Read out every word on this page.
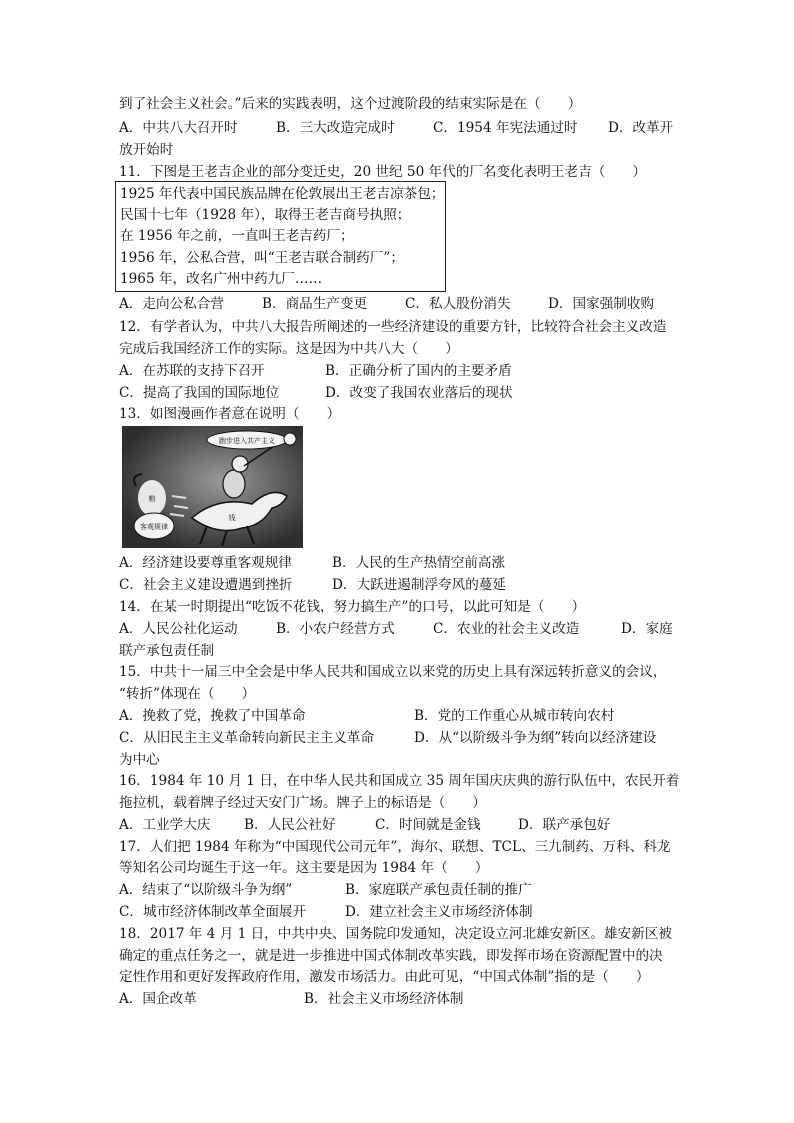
到了社会主义社会。”后来的实践表明，这个过渡阶段的结束实际是在（　　）
A．中共八大召开时	B．三大改造完成时	C．1954 年宪法通过时 D．改革开
放开始时
11．下图是王老吉企业的部分变迁史，20 世纪 50 年代的厂名变化表明王老吉（　　）
1925 年代表中国民族品牌在伦敦展出王老吉凉茶包；
民国十七年（1928 年），取得王老吉商号执照；
在 1956 年之前，一直叫王老吉药厂；
1956 年，公私合营，叫“王老吉联合制药厂”；
1965 年，改名广州中药九厂……
A．走向公私合营	B．商品生产变更	C．私人股份消失	D．国家强制收购
12．有学者认为，中共八大报告所阐述的一些经济建设的重要方针，比较符合社会主义改造
完成后我国经济工作的实际。这是因为中共八大（　　）
A．在苏联的支持下召开	B．正确分析了国内的主要矛盾
C．提高了我国的国际地位	D．改变了我国农业落后的现状
13．如图漫画作者意在说明（　　）
跑步进入共产主义
钱
粮
客观规律
A．经济建设要尊重客观规律	B．人民的生产热情空前高涨
C．社会主义建设遭遇到挫折	D．大跃进遏制浮夸风的蔓延
14．在某一时期提出“吃饭不花钱，努力搞生产”的口号，以此可知是（　　）
A．人民公社化运动	B．小农户经营方式	C．农业的社会主义改造	D．家庭
联产承包责任制
15．中共十一届三中全会是中华人民共和国成立以来党的历史上具有深远转折意义的会议，
“转折”体现在（　　）
A．挽救了党，挽救了中国革命	B．党的工作重心从城市转向农村
C．从旧民主主义革命转向新民主主义革命	D．从“以阶级斗争为纲”转向以经济建设
为中心
16．1984 年 10 月 1 日，在中华人民共和国成立 35 周年国庆庆典的游行队伍中，农民开着
拖拉机，载着牌子经过天安门广场。牌子上的标语是（　　）
A．工业学大庆 B．人民公社好	C．时间就是金钱	D．联产承包好
17．人们把 1984 年称为“中国现代公司元年”，海尔、联想、TCL、三九制药、万科、科龙
等知名公司均诞生于这一年。这主要是因为 1984 年（　　）
A．结束了“以阶级斗争为纲”	B．家庭联产承包责任制的推广
C．城市经济体制改革全面展开	D．建立社会主义市场经济体制
18．2017 年 4 月 1 日，中共中央、国务院印发通知，决定设立河北雄安新区。雄安新区被
确定的重点任务之一，就是进一步推进中国式体制改革实践，即发挥市场在资源配置中的决
定性作用和更好发挥政府作用，激发市场活力。由此可见，“中国式体制”指的是（　　）
A．国企改革	B．社会主义市场经济体制
